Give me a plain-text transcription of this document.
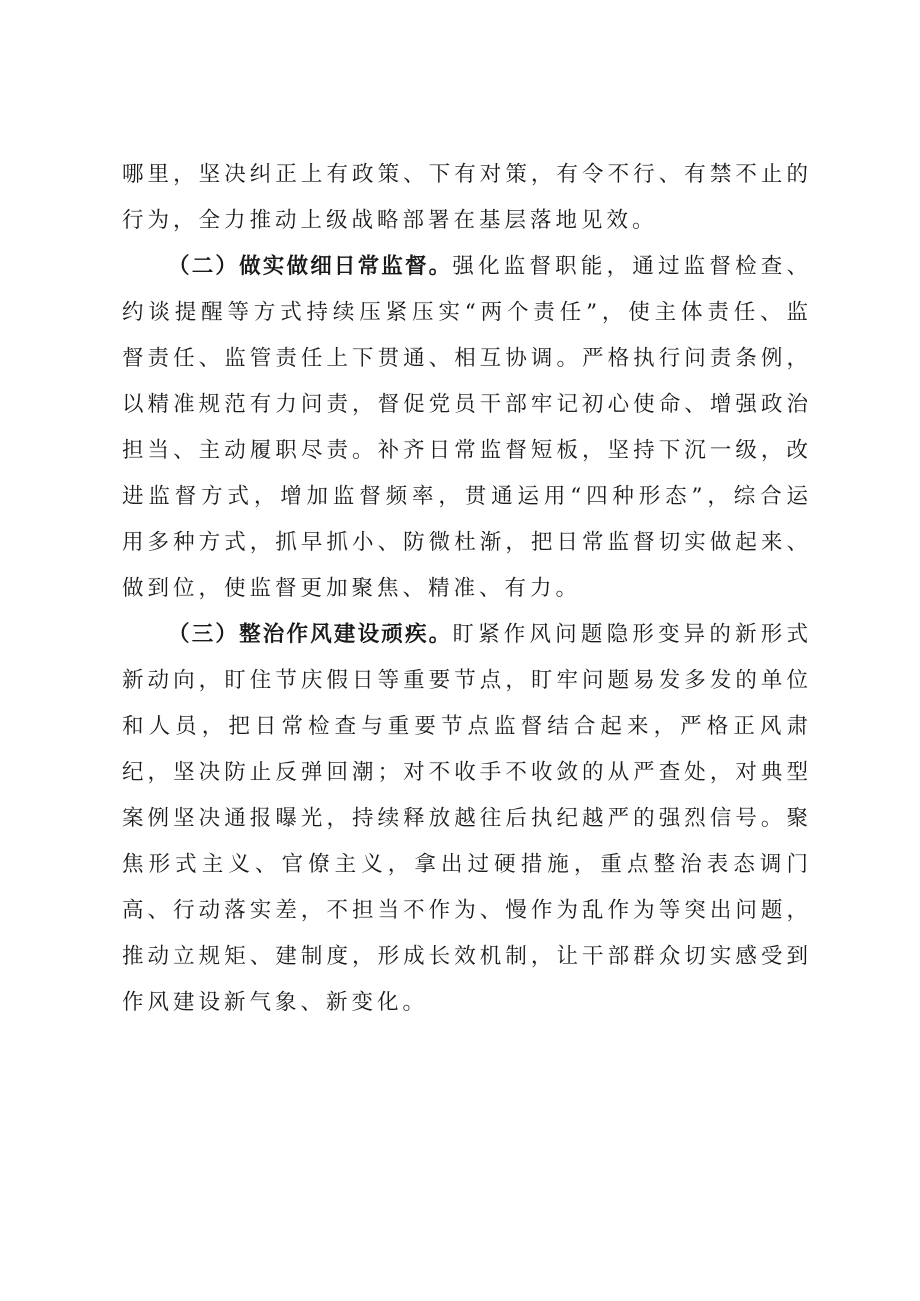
哪里，坚决纠正上有政策、下有对策，有令不行、有禁不止的行为，全力推动上级战略部署在基层落地见效。

（二）做实做细日常监督。强化监督职能，通过监督检查、约谈提醒等方式持续压紧压实“两个责任”，使主体责任、监督责任、监管责任上下贯通、相互协调。严格执行问责条例，以精准规范有力问责，督促党员干部牢记初心使命、增强政治担当、主动履职尽责。补齐日常监督短板，坚持下沉一级，改进监督方式，增加监督频率，贯通运用“四种形态”，综合运用多种方式，抓早抓小、防微杜渐，把日常监督切实做起来、做到位，使监督更加聚焦、精准、有力。

（三）整治作风建设顽疾。盯紧作风问题隐形变异的新形式新动向，盯住节庆假日等重要节点，盯牢问题易发多发的单位和人员，把日常检查与重要节点监督结合起来，严格正风肃纪，坚决防止反弹回潮；对不收手不收敛的从严查处，对典型案例坚决通报曝光，持续释放越往后执纪越严的强烈信号。聚焦形式主义、官僚主义，拿出过硬措施，重点整治表态调门高、行动落实差，不担当不作为、慢作为乱作为等突出问题，推动立规矩、建制度，形成长效机制，让干部群众切实感受到作风建设新气象、新变化。
